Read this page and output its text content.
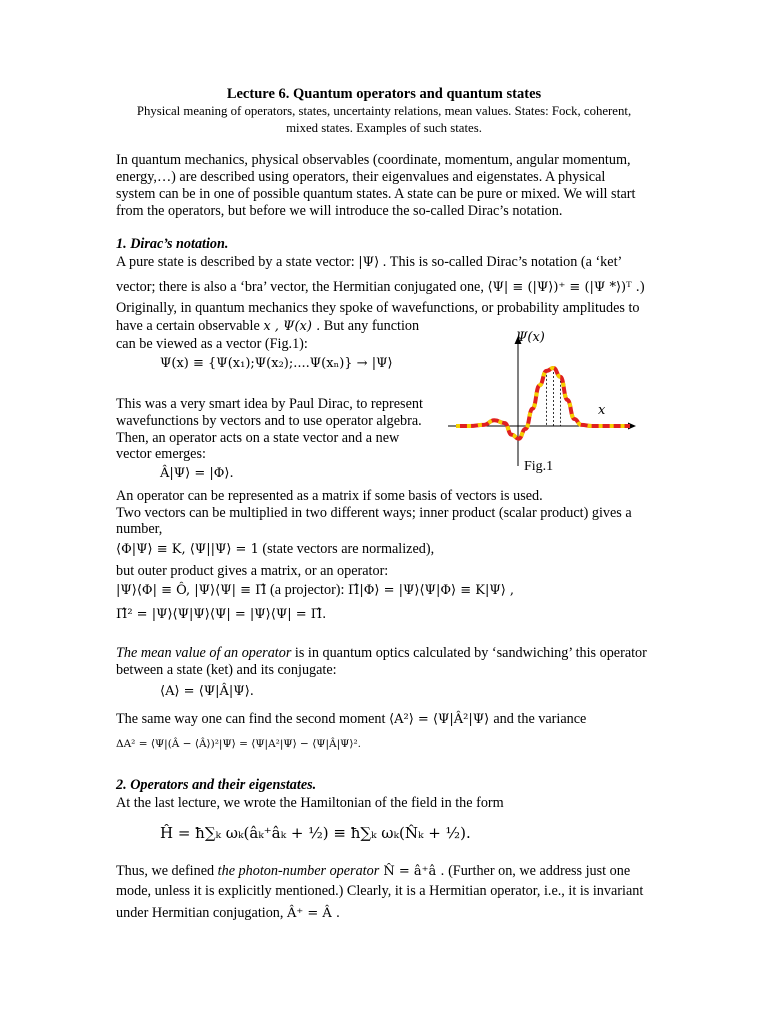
Lecture 6. Quantum operators and quantum states
Physical meaning of operators, states, uncertainty relations, mean values. States: Fock, coherent,
mixed states. Examples of such states.
In quantum mechanics, physical observables (coordinate, momentum, angular momentum,
energy,…) are described using operators, their eigenvalues and eigenstates. A physical
system can be in one of possible quantum states. A state can be pure or mixed. We will start
from the operators, but before we will introduce the so-called Dirac’s notation.
1. Dirac’s notation.
A pure state is described by a state vector: |Ψ⟩ . This is so-called Dirac’s notation (a ‘ket’
vector; there is also a ‘bra’ vector, the Hermitian conjugated one, ⟨Ψ| ≡ (|Ψ⟩)⁺ ≡ (|Ψ *⟩)ᵀ .)
Originally, in quantum mechanics they spoke of wavefunctions, or probability amplitudes to
have a certain observable x , Ψ(x) . But any function
can be viewed as a vector (Fig.1):
Ψ(x) ≡ {Ψ(x₁);Ψ(x₂);....Ψ(xₙ)} → |Ψ⟩
This was a very smart idea by Paul Dirac, to represent
wavefunctions by vectors and to use operator algebra.
Then, an operator acts on a state vector and a new
vector emerges:
Â|Ψ⟩ = |Φ⟩.
An operator can be represented as a matrix if some basis of vectors is used.
Two vectors can be multiplied in two different ways; inner product (scalar product) gives a
number,
⟨Φ|Ψ⟩ ≡ K, ⟨Ψ||Ψ⟩ = 1 (state vectors are normalized),
but outer product gives a matrix, or an operator:
|Ψ⟩⟨Φ| ≡ Ô, |Ψ⟩⟨Ψ| ≡ Π̂ (a projector): Π̂|Φ⟩ = |Ψ⟩⟨Ψ|Φ⟩ ≡ K|Ψ⟩ ,
Π̂² = |Ψ⟩⟨Ψ|Ψ⟩⟨Ψ| = |Ψ⟩⟨Ψ| = Π̂.
Ψ(x)
x
Fig.1
The mean value of an operator is in quantum optics calculated by ‘sandwiching’ this operator
between a state (ket) and its conjugate:
⟨A⟩ = ⟨Ψ|Â|Ψ⟩.
The same way one can find the second moment ⟨A²⟩ = ⟨Ψ|Â²|Ψ⟩ and the variance
ΔA² = ⟨Ψ|(Â − ⟨Â⟩)²|Ψ⟩ = ⟨Ψ|A²|Ψ⟩ − ⟨Ψ|Â|Ψ⟩².
2. Operators and their eigenstates.
At the last lecture, we wrote the Hamiltonian of the field in the form
Ĥ = ħ∑ₖ ωₖ(âₖ⁺âₖ + ½) ≡ ħ∑ₖ ωₖ(N̂ₖ + ½).
Thus, we defined the photon-number operator N̂ = â⁺â . (Further on, we address just one
mode, unless it is explicitly mentioned.) Clearly, it is a Hermitian operator, i.e., it is invariant
under Hermitian conjugation, Â⁺ = Â .
